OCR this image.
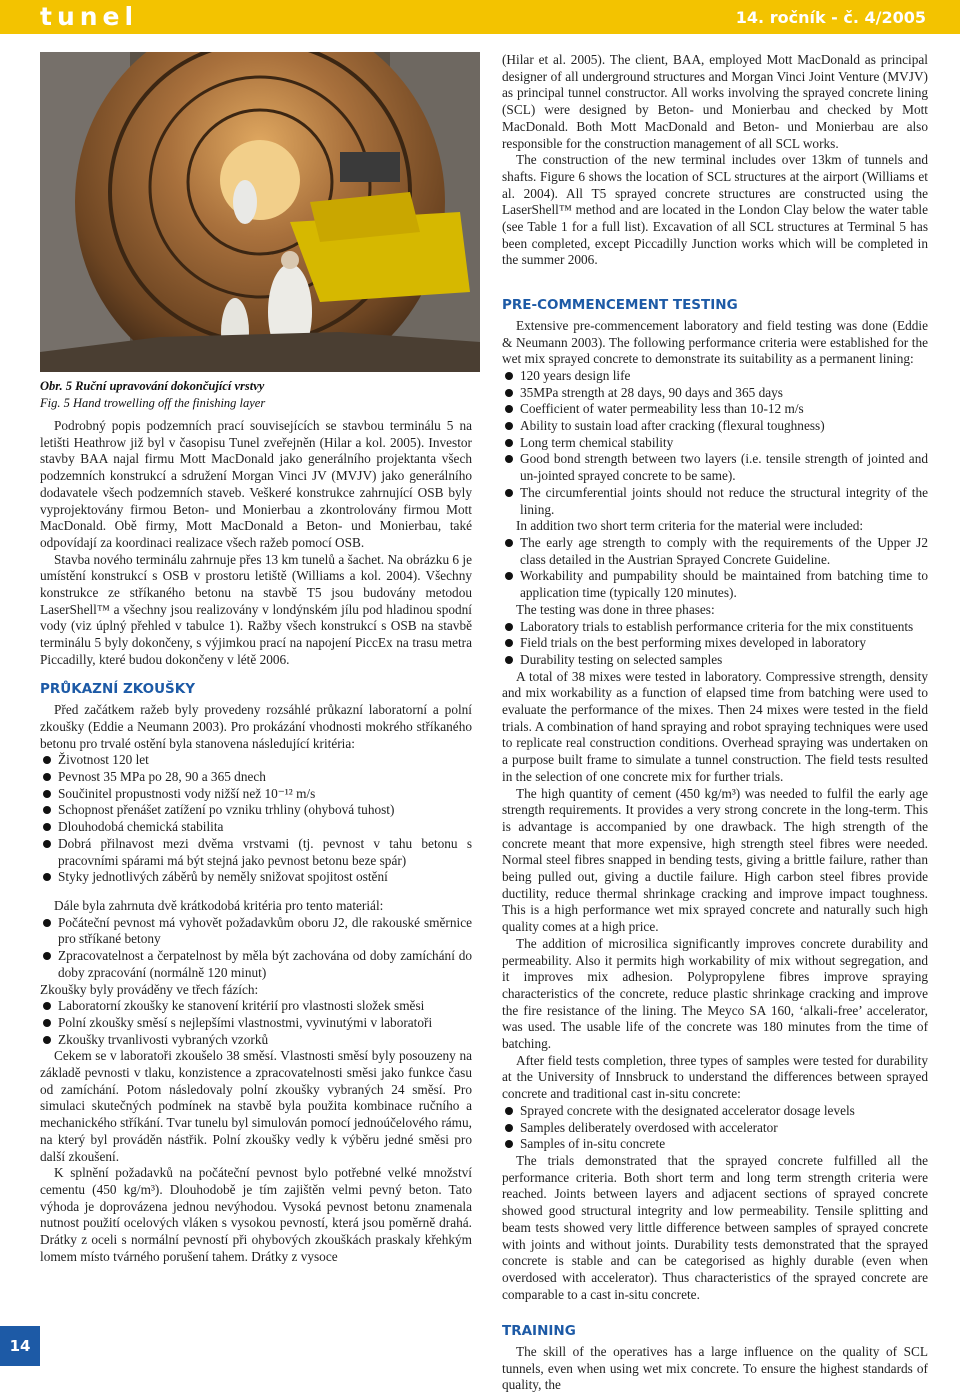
tunel	14. ročník - č. 4/2005
Obr. 5 Ruční upravování dokončující vrstvy
Fig. 5 Hand trowelling off the finishing layer

Podrobný popis podzemních prací souvisejících se stavbou terminálu 5 na letišti Heathrow již byl v časopisu Tunel zveřejněn (Hilar a kol. 2005). Investor stavby BAA najal firmu Mott MacDonald jako generálního projektanta všech podzemních konstrukcí a sdružení Morgan Vinci JV (MVJV) jako generálního dodavatele všech podzemních staveb. Veškeré konstrukce zahrnující OSB byly vyprojektovány firmou Beton- und Monierbau a zkontrolovány firmou Mott MacDonald. Obě firmy, Mott MacDonald a Beton- und Monierbau, také odpovídají za koordinaci realizace všech ražeb pomocí OSB.

Stavba nového terminálu zahrnuje přes 13 km tunelů a šachet. Na obrázku 6 je umístění konstrukcí s OSB v prostoru letiště (Williams a kol. 2004). Všechny konstrukce ze stříkaného betonu na stavbě T5 jsou budovány metodou LaserShell™ a všechny jsou realizovány v londýnském jílu pod hladinou spodní vody (viz úplný přehled v tabulce 1). Ražby všech konstrukcí s OSB na stavbě terminálu 5 byly dokončeny, s výjimkou prací na napojení PiccEx na trasu metra Piccadilly, které budou dokončeny v létě 2006.

PRŮKAZNÍ ZKOUŠKY

Před začátkem ražeb byly provedeny rozsáhlé průkazní laboratorní a polní zkoušky (Eddie a Neumann 2003). Pro prokázání vhodnosti mokrého stříkaného betonu pro trvalé ostění byla stanovena následující kritéria:

Životnost 120 let
Pevnost 35 MPa po 28, 90 a 365 dnech
Součinitel propustnosti vody nižší než 10⁻¹² m/s
Schopnost přenášet zatížení po vzniku trhliny (ohybová tuhost)
Dlouhodobá chemická stabilita
Dobrá přilnavost mezi dvěma vrstvami (tj. pevnost v tahu betonu s pracovními spárami má být stejná jako pevnost betonu beze spár)
Styky jednotlivých záběrů by neměly snižovat spojitost ostění

Dále byla zahrnuta dvě krátkodobá kritéria pro tento materiál:

Počáteční pevnost má vyhovět požadavkům oboru J2, dle rakouské směrnice pro stříkané betony
Zpracovatelnost a čerpatelnost by měla být zachována od doby zamíchání do doby zpracování (normálně 120 minut)

Zkoušky byly prováděny ve třech fázích:

Laboratorní zkoušky ke stanovení kritérií pro vlastnosti složek směsi
Polní zkoušky směsí s nejlepšími vlastnostmi, vyvinutými v laboratoři
Zkoušky trvanlivosti vybraných vzorků

Cekem se v laboratoři zkoušelo 38 směsí. Vlastnosti směsí byly posouzeny na základě pevnosti v tlaku, konzistence a zpracovatelnosti směsi jako funkce času od zamíchání. Potom následovaly polní zkoušky vybraných 24 směsí. Pro simulaci skutečných podmínek na stavbě byla použita kombinace ručního a mechanického stříkání. Tvar tunelu byl simulován pomocí jednoúčelového rámu, na který byl prováděn nástřik. Polní zkoušky vedly k výběru jedné směsi pro další zkoušení.

K splnění požadavků na počáteční pevnost bylo potřebné velké množství cementu (450 kg/m³). Dlouhodobě je tím zajištěn velmi pevný beton. Tato výhoda je doprovázena jednou nevýhodou. Vysoká pevnost betonu znamenala nutnost použití ocelových vláken s vysokou pevností, která jsou poměrně drahá. Drátky z oceli s normální pevností při ohybových zkouškách praskaly křehkým lomem místo tvárného porušení tahem. Drátky z vysoce

(Hilar et al. 2005). The client, BAA, employed Mott MacDonald as principal designer of all underground structures and Morgan Vinci Joint Venture (MVJV) as principal tunnel constructor. All works involving the sprayed concrete lining (SCL) were designed by Beton- und Monierbau and checked by Mott MacDonald. Both Mott MacDonald and Beton- und Monierbau are also responsible for the construction management of all SCL works.

The construction of the new terminal includes over 13km of tunnels and shafts. Figure 6 shows the location of SCL structures at the airport (Williams et al. 2004). All T5 sprayed concrete structures are constructed using the LaserShell™ method and are located in the London Clay below the water table (see Table 1 for a full list). Excavation of all SCL structures at Terminal 5 has been completed, except Piccadilly Junction works which will be completed in the summer 2006.

PRE-COMMENCEMENT TESTING

Extensive pre-commencement laboratory and field testing was done (Eddie & Neumann 2003). The following performance criteria were established for the wet mix sprayed concrete to demonstrate its suitability as a permanent lining:

120 years design life
35MPa strength at 28 days, 90 days and 365 days
Coefficient of water permeability less than 10-12 m/s
Ability to sustain load after cracking (flexural toughness)
Long term chemical stability
Good bond strength between two layers (i.e. tensile strength of jointed and un-jointed sprayed concrete to be same).
The circumferential joints should not reduce the structural integrity of the lining.

In addition two short term criteria for the material were included:

The early age strength to comply with the requirements of the Upper J2 class detailed in the Austrian Sprayed Concrete Guideline.
Workability and pumpability should be maintained from batching time to application time (typically 120 minutes).

The testing was done in three phases:

Laboratory trials to establish performance criteria for the mix constituents
Field trials on the best performing mixes developed in laboratory
Durability testing on selected samples

A total of 38 mixes were tested in laboratory. Compressive strength, density and mix workability as a function of elapsed time from batching were used to evaluate the performance of the mixes. Then 24 mixes were tested in the field trials. A combination of hand spraying and robot spraying techniques were used to replicate real construction conditions. Overhead spraying was undertaken on a purpose built frame to simulate a tunnel construction. The field tests resulted in the selection of one concrete mix for further trials.

The high quantity of cement (450 kg/m³) was needed to fulfil the early age strength requirements. It provides a very strong concrete in the long-term. This is advantage is accompanied by one drawback. The high strength of the concrete meant that more expensive, high strength steel fibres were needed. Normal steel fibres snapped in bending tests, giving a brittle failure, rather than being pulled out, giving a ductile failure. High carbon steel fibres provide ductility, reduce thermal shrinkage cracking and improve impact toughness. This is a high performance wet mix sprayed concrete and naturally such high quality comes at a high price.

The addition of microsilica significantly improves concrete durability and permeability. Also it permits high workability of mix without segregation, and it improves mix adhesion. Polypropylene fibres improve spraying characteristics of the concrete, reduce plastic shrinkage cracking and improve the fire resistance of the lining. The Meyco SA 160, ‘alkali-free’ accelerator, was used. The usable life of the concrete was 180 minutes from the time of batching.

After field tests completion, three types of samples were tested for durability at the University of Innsbruck to understand the differences between sprayed concrete and traditional cast in-situ concrete:

Sprayed concrete with the designated accelerator dosage levels
Samples deliberately overdosed with accelerator
Samples of in-situ concrete

The trials demonstrated that the sprayed concrete fulfilled all the performance criteria. Both short term and long term strength criteria were reached. Joints between layers and adjacent sections of sprayed concrete showed good structural integrity and low permeability. Tensile splitting and beam tests showed very little difference between samples of sprayed concrete with joints and without joints. Durability tests demonstrated that the sprayed concrete is stable and can be categorised as highly durable (even when overdosed with accelerator). Thus characteristics of the sprayed concrete are comparable to a cast in-situ concrete.

TRAINING

The skill of the operatives has a large influence on the quality of SCL tunnels, even when using wet mix concrete. To ensure the highest standards of quality, the

14
